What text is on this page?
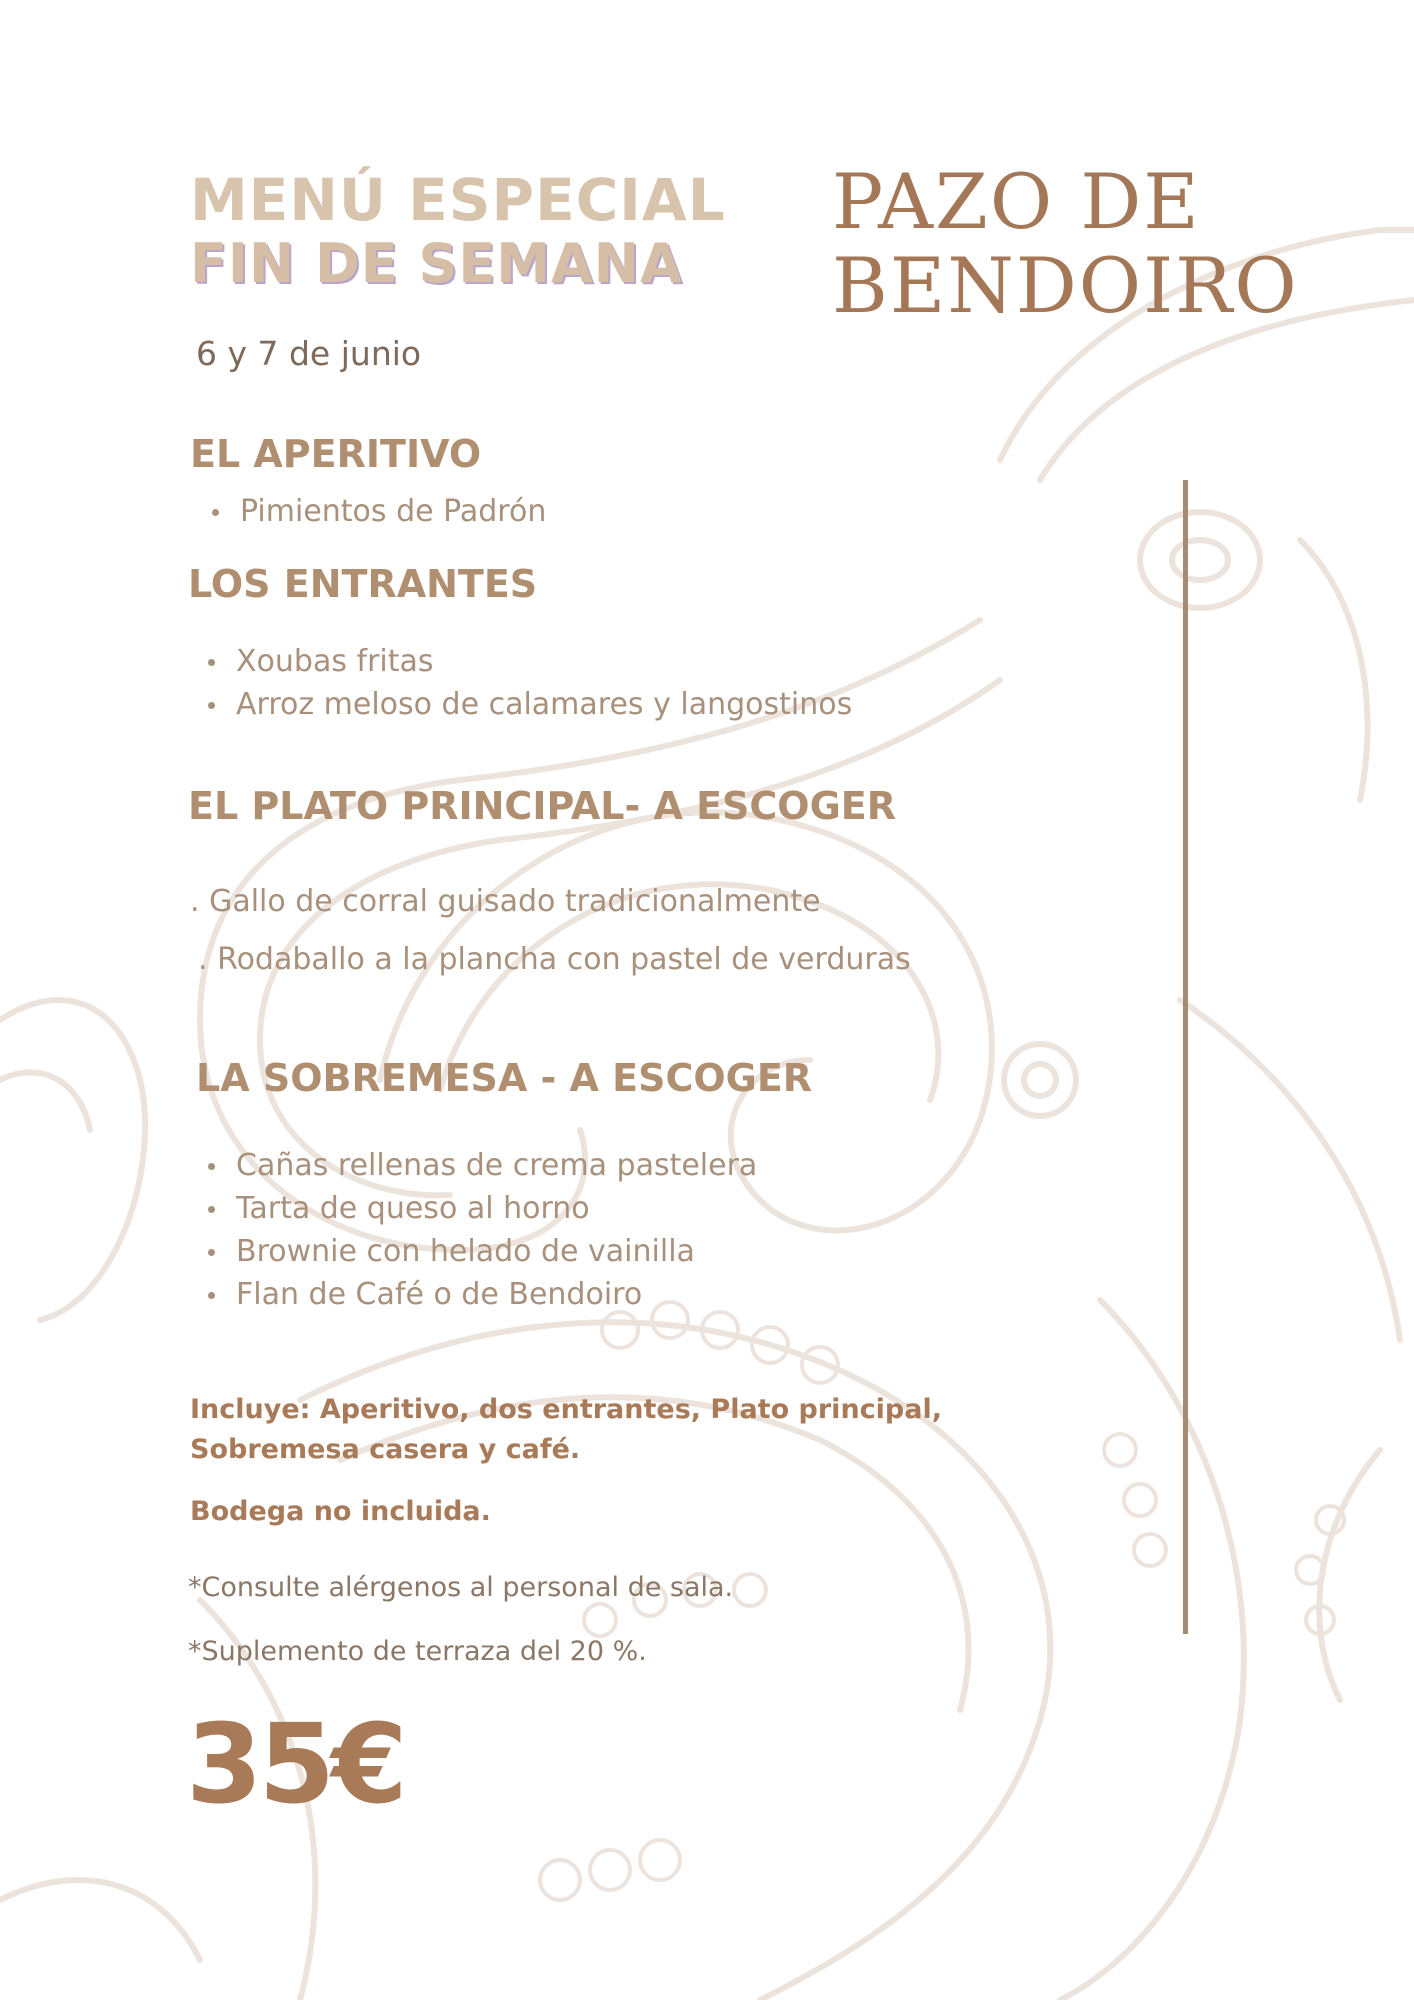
MENÚ ESPECIAL
FIN DE SEMANA
PAZO DE
BENDOIRO
6 y 7 de junio
EL APERITIVO
Pimientos de Padrón
LOS ENTRANTES
Xoubas fritas
Arroz meloso de calamares y langostinos
EL PLATO PRINCIPAL- A ESCOGER

. Gallo de corral guisado tradicionalmente

. Rodaballo a la plancha con pastel de verduras

LA SOBREMESA - A ESCOGER
Cañas rellenas de crema pastelera
Tarta de queso al horno
Brownie con helado de vainilla
Flan de Café o de Bendoiro

Incluye: Aperitivo, dos entrantes, Plato principal,
Sobremesa casera y café.

Bodega no incluida.

*Consulte alérgenos al personal de sala.

*Suplemento de terraza del 20 %.

35€
